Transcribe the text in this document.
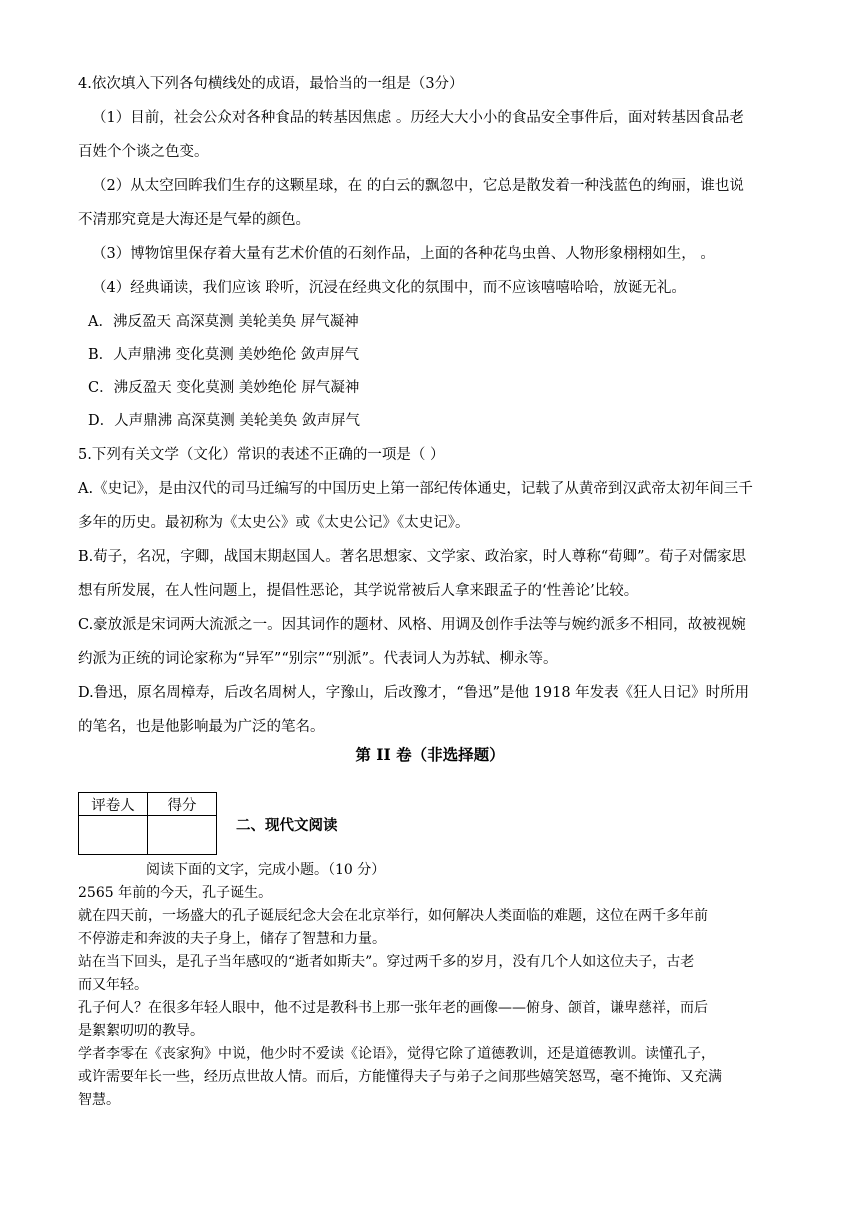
4.依次填入下列各句横线处的成语，最恰当的一组是（3分）
（1）目前，社会公众对各种食品的转基因焦虑 。历经大大小小的食品安全事件后，面对转基因食品老
百姓个个谈之色变。
（2）从太空回眸我们生存的这颗星球，在 的白云的飘忽中，它总是散发着一种浅蓝色的绚丽，谁也说
不清那究竟是大海还是气晕的颜色。
（3）博物馆里保存着大量有艺术价值的石刻作品，上面的各种花鸟虫兽、人物形象栩栩如生， 。
（4）经典诵读，我们应该 聆听，沉浸在经典文化的氛围中，而不应该嘻嘻哈哈，放诞无礼。
A．沸反盈天 高深莫测 美轮美奂 屏气凝神
B．人声鼎沸 变化莫测 美妙绝伦 敛声屏气
C．沸反盈天 变化莫测 美妙绝伦 屏气凝神
D．人声鼎沸 高深莫测 美轮美奂 敛声屏气
5.下列有关文学（文化）常识的表述不正确的一项是（ ）
A.《史记》，是由汉代的司马迁编写的中国历史上第一部纪传体通史，记载了从黄帝到汉武帝太初年间三千
多年的历史。最初称为《太史公》或《太史公记》《太史记》。
B.荀子，名况，字卿，战国末期赵国人。著名思想家、文学家、政治家，时人尊称“荀卿”。荀子对儒家思
想有所发展，在人性问题上，提倡性恶论，其学说常被后人拿来跟孟子的‘性善论’比较。
C.豪放派是宋词两大流派之一。因其词作的题材、风格、用调及创作手法等与婉约派多不相同，故被视婉
约派为正统的词论家称为“异军”“别宗”“别派”。代表词人为苏轼、柳永等。
D.鲁迅，原名周樟寿，后改名周树人，字豫山，后改豫才，“鲁迅”是他 1918 年发表《狂人日记》时所用
的笔名，也是他影响最为广泛的笔名。
第 II 卷（非选择题）
评卷人	得分

二、现代文阅读
阅读下面的文字，完成小题。（10 分）
2565 年前的今天，孔子诞生。
就在四天前，一场盛大的孔子诞辰纪念大会在北京举行，如何解决人类面临的难题，这位在两千多年前
不停游走和奔波的夫子身上，储存了智慧和力量。
站在当下回头，是孔子当年感叹的“逝者如斯夫”。穿过两千多的岁月，没有几个人如这位夫子，古老
而又年轻。
孔子何人？在很多年轻人眼中，他不过是教科书上那一张年老的画像——俯身、颌首，谦卑慈祥，而后
是絮絮叨叨的教导。
学者李零在《丧家狗》中说，他少时不爱读《论语》，觉得它除了道德教训，还是道德教训。读懂孔子，
或许需要年长一些，经历点世故人情。而后，方能懂得夫子与弟子之间那些嬉笑怒骂，毫不掩饰、又充满
智慧。
